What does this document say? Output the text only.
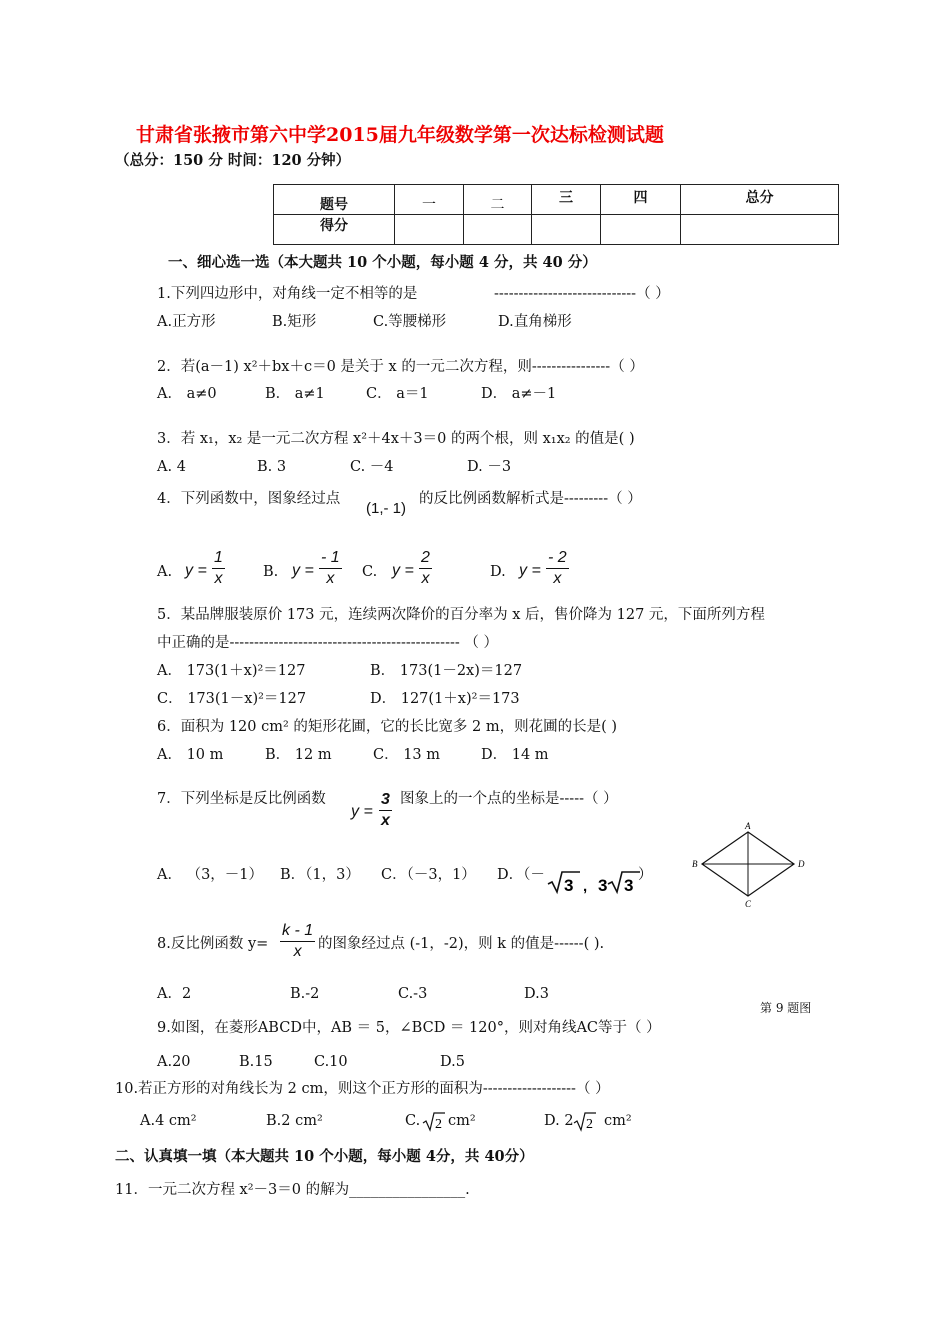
甘肃省张掖市第六中学2015届九年级数学第一次达标检测试题
（总分：150 分 时间：120 分钟）
题号	一	二	三	四	总分

得分					

一、细心选一选（本大题共 10 个小题，每小题 4 分，共 40 分）
1.下列四边形中，对角线一定不相等的是	-----------------------------（ ）
A.正方形	B.矩形	C.等腰梯形	D.直角梯形
2．若(a－1) x²＋bx＋c＝0 是关于 x 的一元二次方程，则----------------（ ）
A． a≠0	B． a≠1	C． a＝1	D． a≠－1
3．若 x₁，x₂ 是一元二次方程 x²＋4x＋3＝0 的两个根，则 x₁x₂ 的值是( )
A. 4	B. 3	C. －4	D. －3
4．下列函数中，图象经过点
(1,- 1)
的反比例函数解析式是---------（ ）
A. $y = \frac{1}{x}$	B. $y = \frac{- 1}{x} C$. $y = \frac{2}{x}$	D. $y = \frac{- 2}{x}$
5．某品牌服装原价 173 元，连续两次降价的百分率为 x 后，售价降为 127 元，下面所列方程
中正确的是----------------------------------------------- （ ）
A． 173(1＋x)²＝127	B． 173(1－2x)＝127
C． 173(1－x)²＝127	D． 127(1＋x)²＝173
6．面积为 120 cm² 的矩形花圃，它的长比宽多 2 m，则花圃的长是( )
A． 10 m	B． 12 m	C． 13 m	D． 14 m
7．下列坐标是反比例函数
$y = \frac{3}{x}$ 图象上的一个点的坐标是-----（ ）
A． （3，－1） B．（1，3） C．（－3，1） D．（－
3 , 3 3
）
A
B
C
D
8.反比例函数 $y= \frac{k - 1}{x}$ 的图象经过点 (-1，-2)，则 k 的值是------( ).
A．2	B.-2	C.-3	D.3
第 9 题图
9.如图，在菱形ABCD中，AB ＝ 5，∠BCD ＝ 120°，则对角线AC等于（ ）
A.20	B.15	C.10	D.5
10.若正方形的对角线长为 2 cm，则这个正方形的面积为-------------------（ ）
A.4 cm²	B.2 cm²	C. 2 cm²	D. 2 2 cm²
二、认真填一填（本大题共 10 个小题，每小题 4分，共 40分）
11．一元二次方程 x²－3＝0 的解为________________.
